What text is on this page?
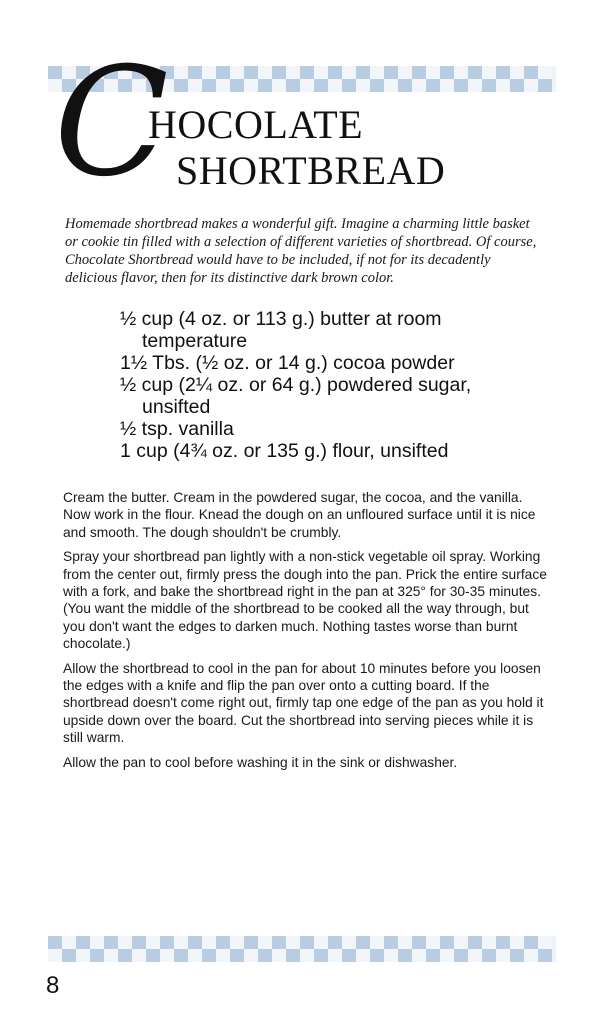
C
HOCOLATE
SHORTBREAD
Homemade shortbread makes a wonderful gift. Imagine a charming little basket or cookie tin filled with a selection of different varieties of shortbread. Of course, Chocolate Shortbread would have to be included, if not for its decadently delicious flavor, then for its distinctive dark brown color.
½ cup (4 oz. or 113 g.) butter at room temperature
1½ Tbs. (½ oz. or 14 g.) cocoa powder
½ cup (2¼ oz. or 64 g.) powdered sugar, unsifted
½ tsp. vanilla
1 cup (4¾ oz. or 135 g.) flour, unsifted

Cream the butter. Cream in the powdered sugar, the cocoa, and the vanilla. Now work in the flour. Knead the dough on an unfloured surface until it is nice and smooth. The dough shouldn't be crumbly.

Spray your shortbread pan lightly with a non-stick vegetable oil spray. Working from the center out, firmly press the dough into the pan. Prick the entire surface with a fork, and bake the shortbread right in the pan at 325° for 30-35 minutes. (You want the middle of the shortbread to be cooked all the way through, but you don't want the edges to darken much. Nothing tastes worse than burnt chocolate.)

Allow the shortbread to cool in the pan for about 10 minutes before you loosen the edges with a knife and flip the pan over onto a cutting board. If the shortbread doesn't come right out, firmly tap one edge of the pan as you hold it upside down over the board. Cut the shortbread into serving pieces while it is still warm.

Allow the pan to cool before washing it in the sink or dishwasher.

8
